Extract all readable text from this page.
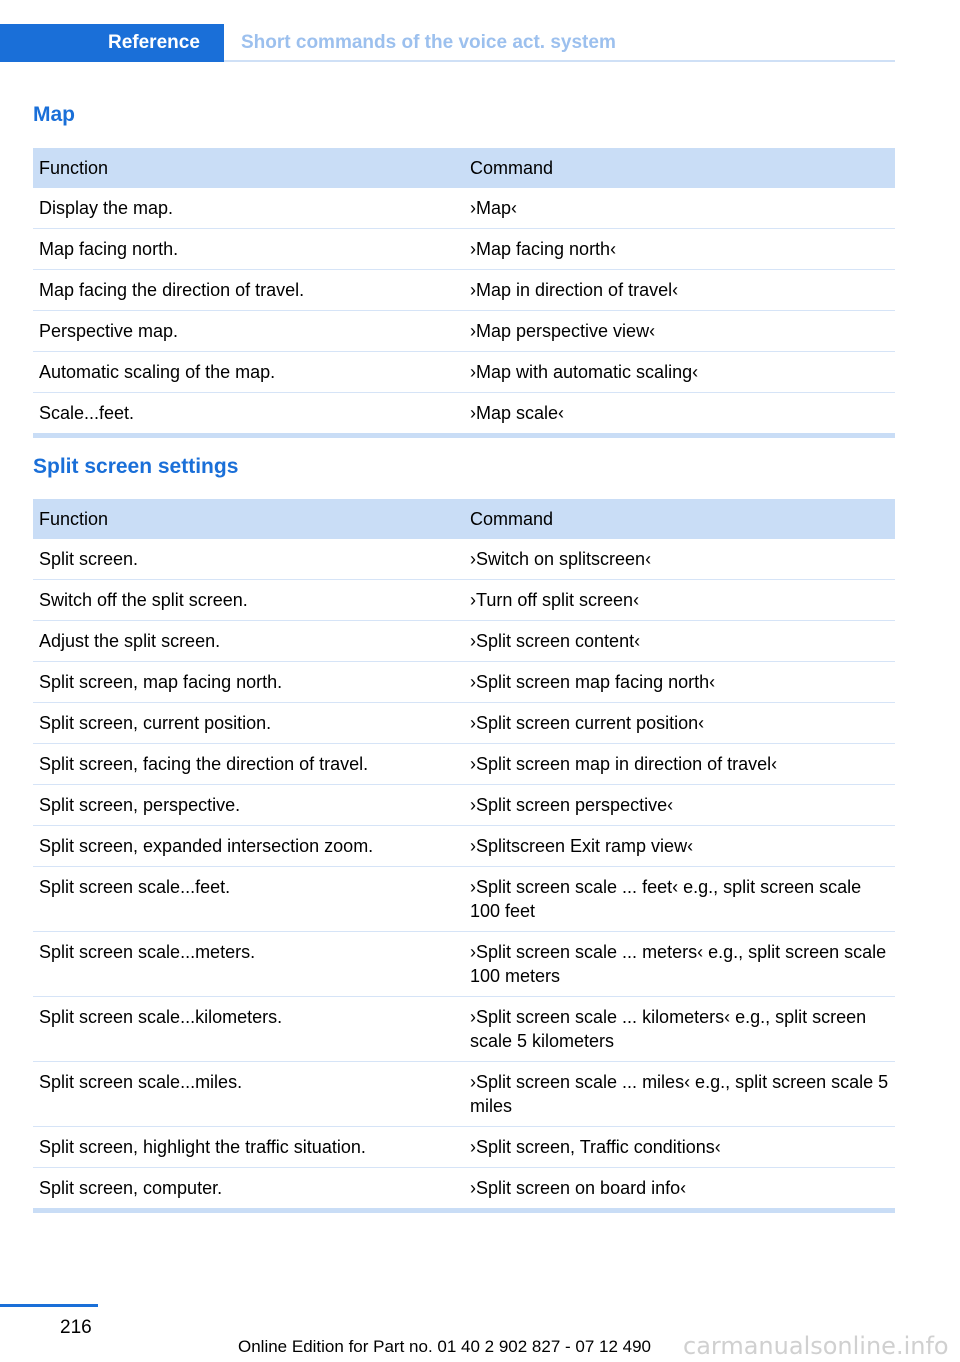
Reference	Short commands of the voice act. system
Map
Function	Command
Display the map.	›Map‹
Map facing north.	›Map facing north‹
Map facing the direction of travel.	›Map in direction of travel‹
Perspective map.	›Map perspective view‹
Automatic scaling of the map.	›Map with automatic scaling‹
Scale...feet.	›Map scale‹
Split screen settings
Function	Command
Split screen.	›Switch on splitscreen‹
Switch off the split screen.	›Turn off split screen‹
Adjust the split screen.	›Split screen content‹
Split screen, map facing north.	›Split screen map facing north‹
Split screen, current position.	›Split screen current position‹
Split screen, facing the direction of travel.	›Split screen map in direction of travel‹
Split screen, perspective.	›Split screen perspective‹
Split screen, expanded intersection zoom.	›Splitscreen Exit ramp view‹
Split screen scale...feet.	›Split screen scale ... feet‹ e.g., split screen scale 100 feet
Split screen scale...meters.	›Split screen scale ... meters‹ e.g., split screen scale 100 meters
Split screen scale...kilometers.	›Split screen scale ... kilometers‹ e.g., split screen scale 5 kilometers
Split screen scale...miles.	›Split screen scale ... miles‹ e.g., split screen scale 5 miles
Split screen, highlight the traffic situation.	›Split screen, Traffic conditions‹
Split screen, computer.	›Split screen on board info‹
216
Online Edition for Part no. 01 40 2 902 827 - 07 12 490 carmanualsonline.info
